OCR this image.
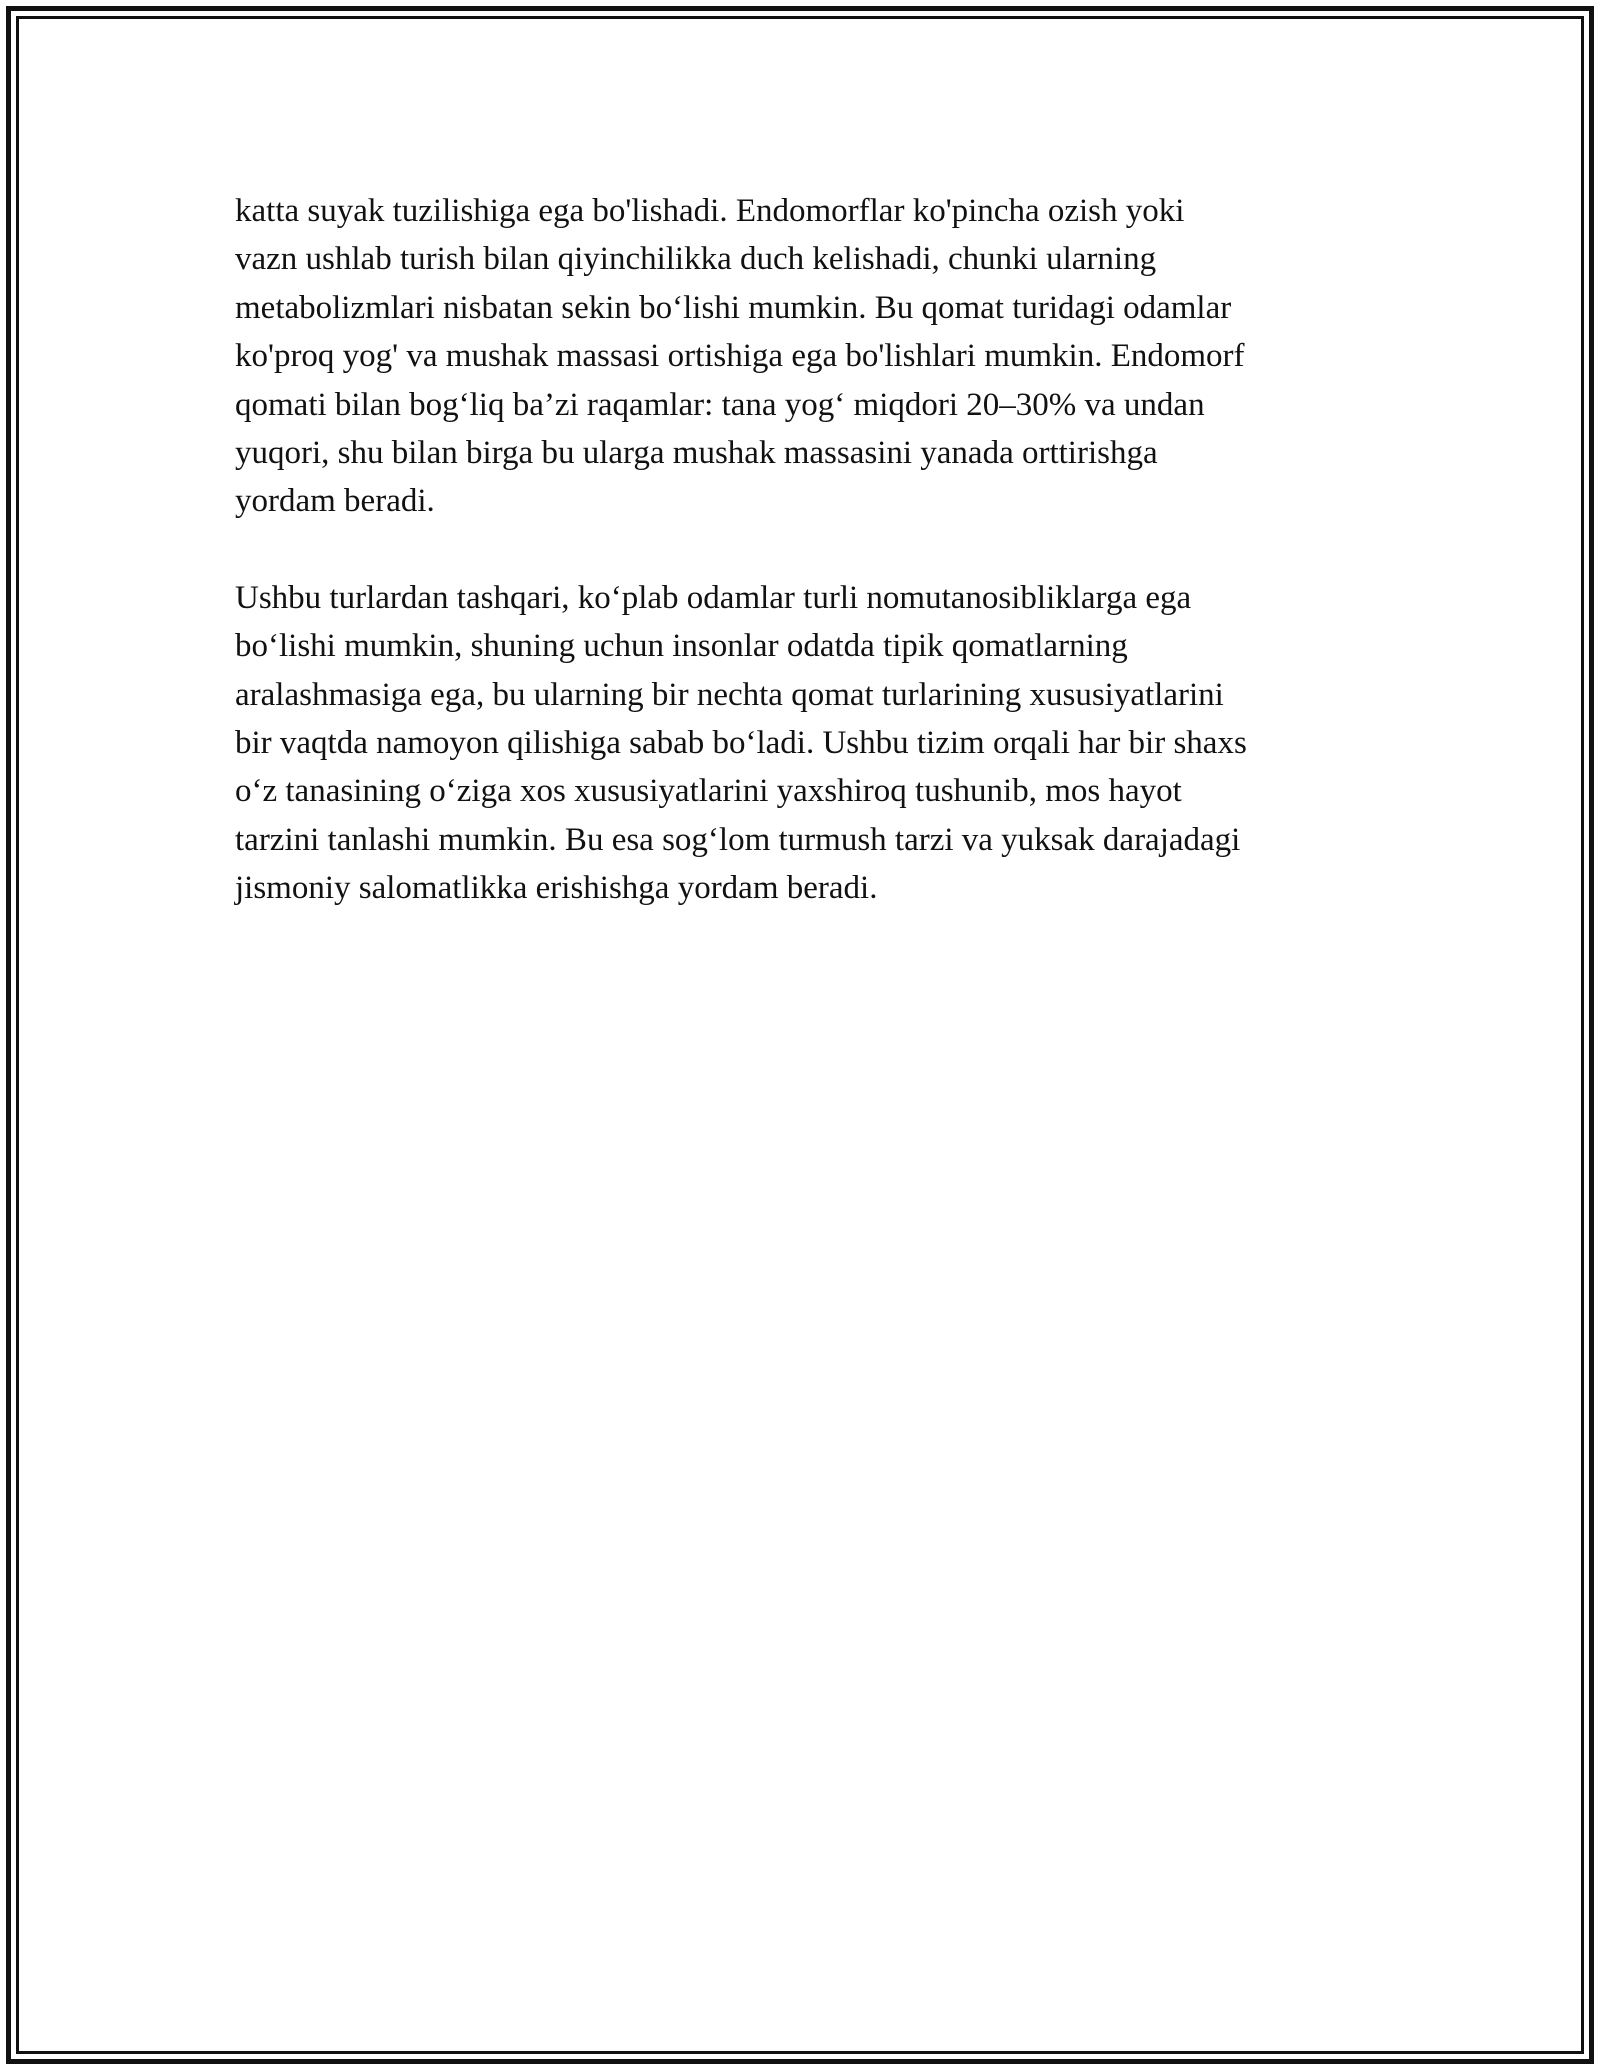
katta suyak tuzilishiga ega bo'lishadi. Endomorflar ko'pincha ozish yoki
vazn ushlab turish bilan qiyinchilikka duch kelishadi, chunki ularning
metabolizmlari nisbatan sekin bo‘lishi mumkin. Bu qomat turidagi odamlar
ko'proq yog' va mushak massasi ortishiga ega bo'lishlari mumkin. Endomorf
qomati bilan bog‘liq ba’zi raqamlar: tana yog‘ miqdori 20–30% va undan
yuqori, shu bilan birga bu ularga mushak massasini yanada orttirishga
yordam beradi.

Ushbu turlardan tashqari, ko‘plab odamlar turli nomutanosibliklarga ega
bo‘lishi mumkin, shuning uchun insonlar odatda tipik qomatlarning
aralashmasiga ega, bu ularning bir nechta qomat turlarining xususiyatlarini
bir vaqtda namoyon qilishiga sabab bo‘ladi. Ushbu tizim orqali har bir shaxs
o‘z tanasining o‘ziga xos xususiyatlarini yaxshiroq tushunib, mos hayot
tarzini tanlashi mumkin. Bu esa sog‘lom turmush tarzi va yuksak darajadagi
jismoniy salomatlikka erishishga yordam beradi.
